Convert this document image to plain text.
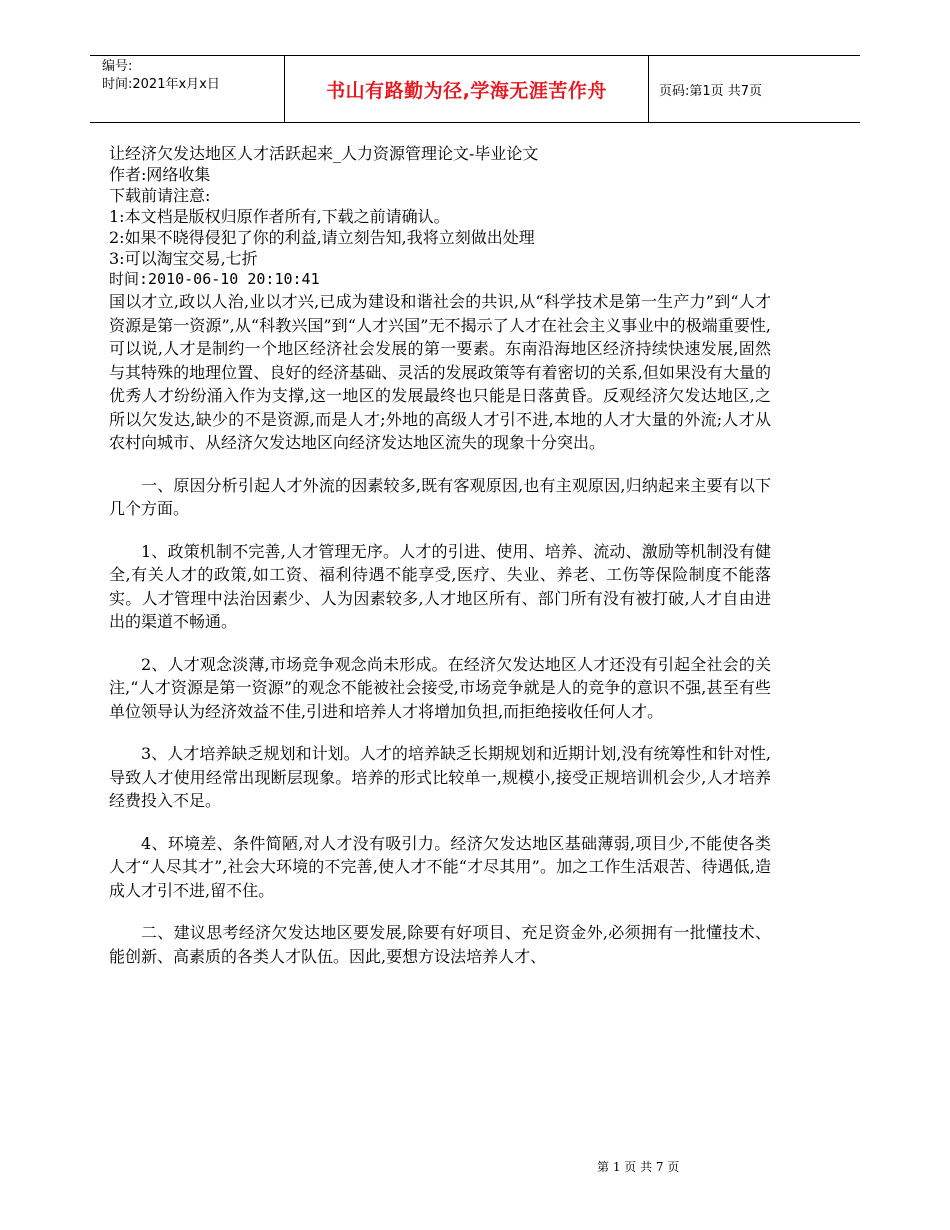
编号:
时间:2021年x月x日	书山有路勤为径,学海无涯苦作舟	页码:第1页 共7页
让经济欠发达地区人才活跃起来_人力资源管理论文-毕业论文
作者:网络收集
下载前请注意:
1:本文档是版权归原作者所有,下载之前请确认。
2:如果不晓得侵犯了你的利益,请立刻告知,我将立刻做出处理
3:可以淘宝交易,七折
时间:2010-06-10 20:10:41

国以才立,政以人治,业以才兴,已成为建设和谐社会的共识,从“科学技术是第一生产力”到“人才资源是第一资源”,从“科教兴国”到“人才兴国”无不揭示了人才在社会主义事业中的极端重要性,可以说,人才是制约一个地区经济社会发展的第一要素。东南沿海地区经济持续快速发展,固然与其特殊的地理位置、良好的经济基础、灵活的发展政策等有着密切的关系,但如果没有大量的优秀人才纷纷涌入作为支撑,这一地区的发展最终也只能是日落黄昏。反观经济欠发达地区,之所以欠发达,缺少的不是资源,而是人才;外地的高级人才引不进,本地的人才大量的外流;人才从农村向城市、从经济欠发达地区向经济发达地区流失的现象十分突出。

一、原因分析引起人才外流的因素较多,既有客观原因,也有主观原因,归纳起来主要有以下几个方面。

1、政策机制不完善,人才管理无序。人才的引进、使用、培养、流动、激励等机制没有健全,有关人才的政策,如工资、福利待遇不能享受,医疗、失业、养老、工伤等保险制度不能落实。人才管理中法治因素少、人为因素较多,人才地区所有、部门所有没有被打破,人才自由进出的渠道不畅通。

2、人才观念淡薄,市场竞争观念尚未形成。在经济欠发达地区人才还没有引起全社会的关注,“人才资源是第一资源”的观念不能被社会接受,市场竞争就是人的竞争的意识不强,甚至有些单位领导认为经济效益不佳,引进和培养人才将增加负担,而拒绝接收任何人才。

3、人才培养缺乏规划和计划。人才的培养缺乏长期规划和近期计划,没有统筹性和针对性,导致人才使用经常出现断层现象。培养的形式比较单一,规模小,接受正规培训机会少,人才培养经费投入不足。

4、环境差、条件简陋,对人才没有吸引力。经济欠发达地区基础薄弱,项目少,不能使各类人才“人尽其才”,社会大环境的不完善,使人才不能“才尽其用”。加之工作生活艰苦、待遇低,造成人才引不进,留不住。

二、建议思考经济欠发达地区要发展,除要有好项目、充足资金外,必须拥有一批懂技术、能创新、高素质的各类人才队伍。因此,要想方设法培养人才、

第 1 页 共 7 页
